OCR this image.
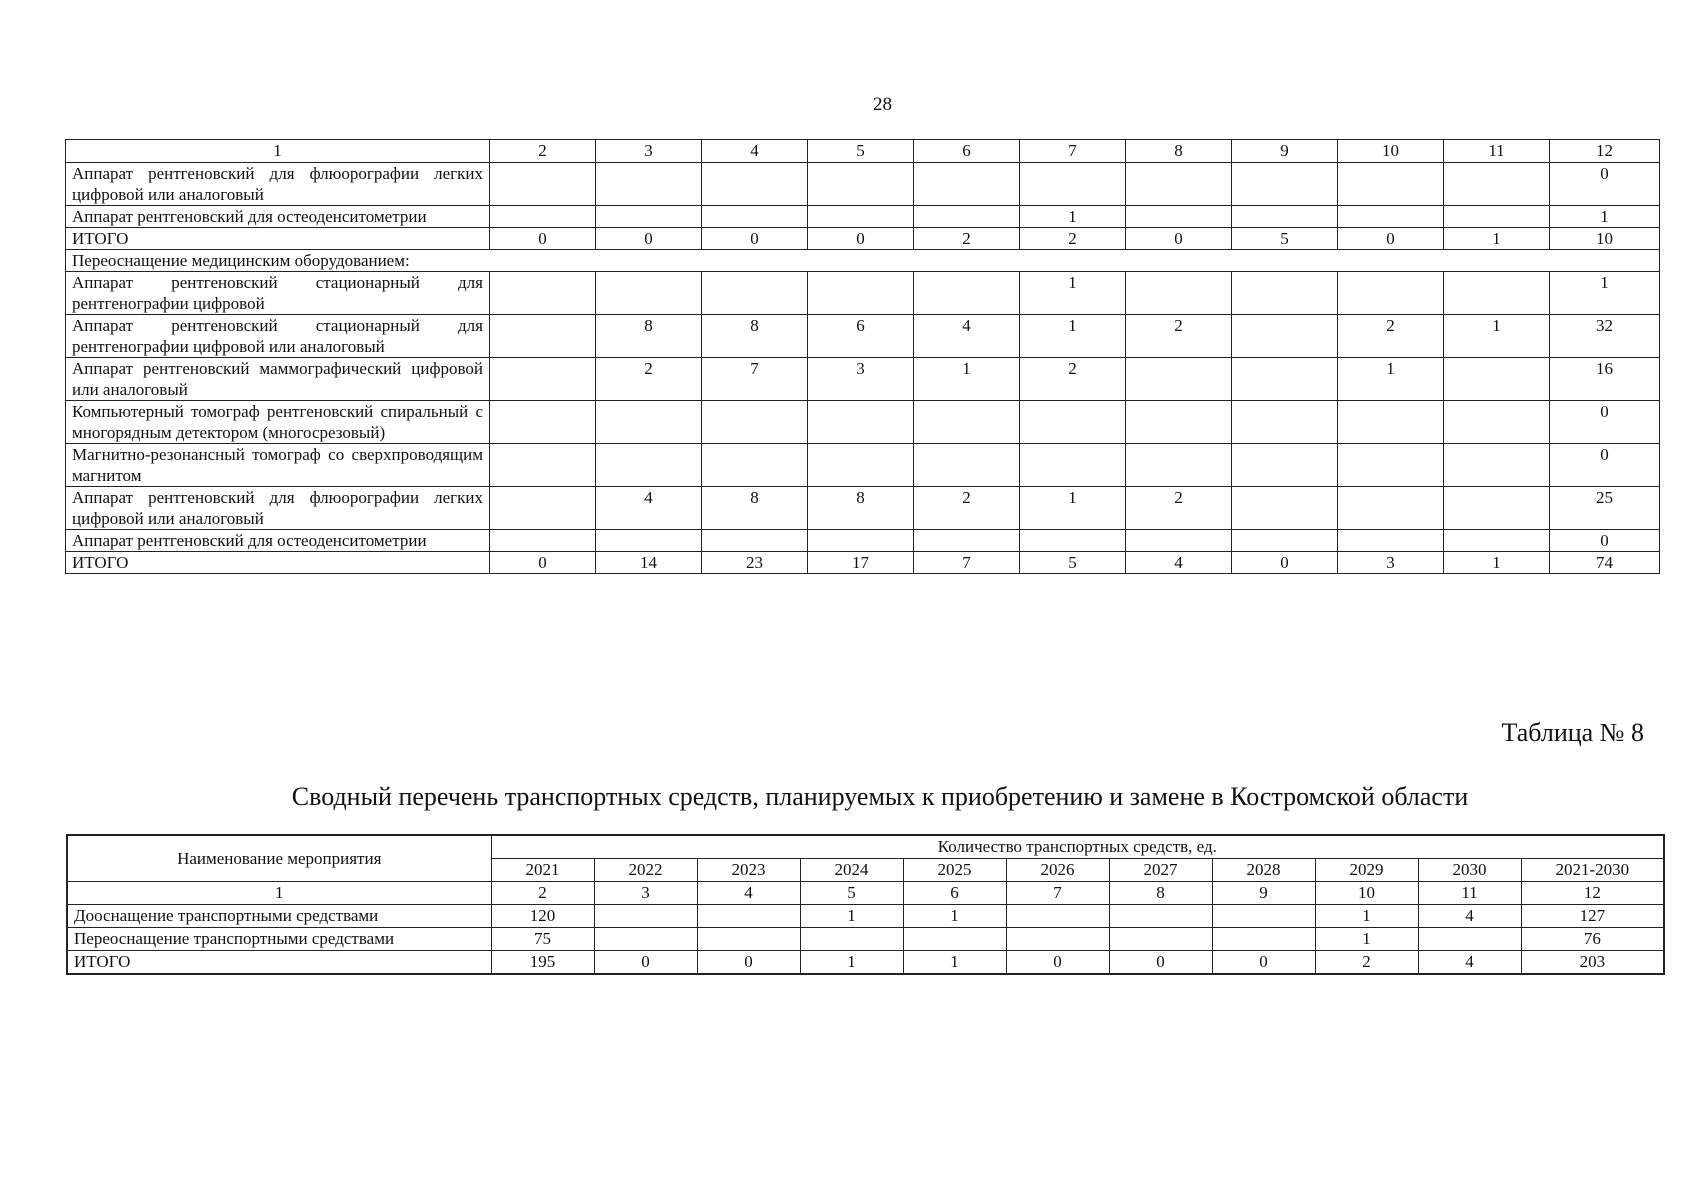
28
1	2	3	4	5	6	7	8	9	10	11	12
Аппарат рентгеновский для флюорографии легких цифровой или аналоговый											0
Аппарат рентгеновский для остеоденситометрии						1					1
ИТОГО	0	0	0	0	2	2	0	5	0	1	10
Переоснащение медицинским оборудованием:											
Аппарат рентгеновский стационарный для рентгенографии цифровой						1					1
Аппарат рентгеновский стационарный для рентгенографии цифровой или аналоговый		8	8	6	4	1	2		2	1	32
Аппарат рентгеновский маммографический цифровой или аналоговый		2	7	3	1	2			1		16
Компьютерный томограф рентгеновский спиральный с многорядным детектором (многосрезовый)											0
Магнитно-резонансный томограф со сверхпроводящим магнитом											0
Аппарат рентгеновский для флюорографии легких цифровой или аналоговый		4	8	8	2	1	2				25
Аппарат рентгеновский для остеоденситометрии											0
ИТОГО	0	14	23	17	7	5	4	0	3	1	74
Таблица № 8
Сводный перечень транспортных средств, планируемых к приобретению и замене в Костромской области
Наименование мероприятия	Количество транспортных средств, ед.										
	2021	2022	2023	2024	2025	2026	2027	2028	2029	2030	2021-2030
1	2	3	4	5	6	7	8	9	10	11	12
Дооснащение транспортными средствами	120			1	1				1	4	127
Переоснащение транспортными средствами	75								1		76
ИТОГО	195	0	0	1	1	0	0	0	2	4	203
